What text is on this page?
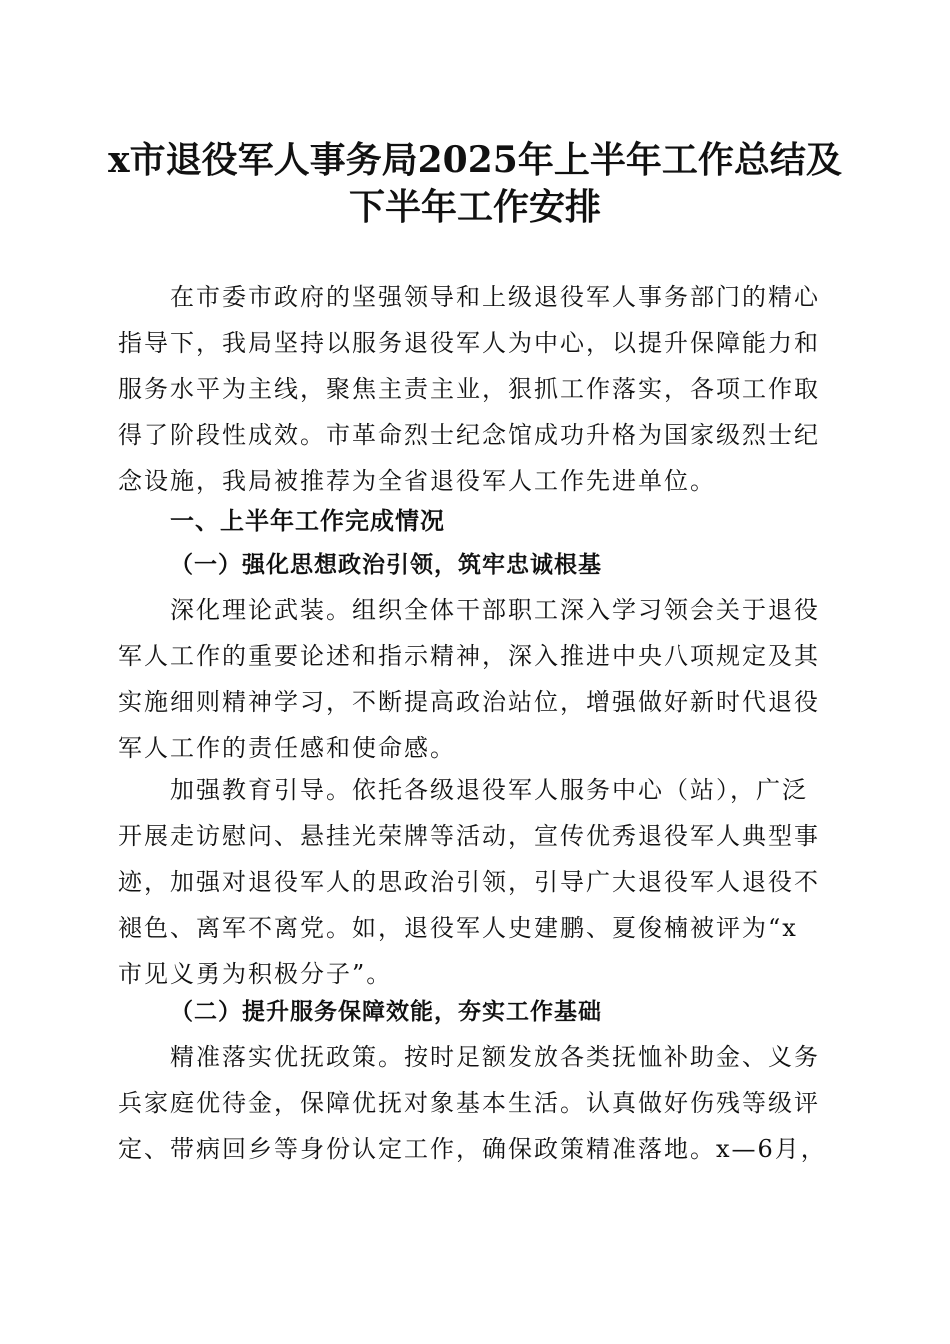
x市退役军人事务局2025年上半年工作总结及
下半年工作安排
在市委市政府的坚强领导和上级退役军人事务部门的精心
指导下，我局坚持以服务退役军人为中心，以提升保障能力和
服务水平为主线，聚焦主责主业，狠抓工作落实，各项工作取
得了阶段性成效。市革命烈士纪念馆成功升格为国家级烈士纪
念设施，我局被推荐为全省退役军人工作先进单位。
一、上半年工作完成情况
（一）强化思想政治引领，筑牢忠诚根基
深化理论武装。组织全体干部职工深入学习领会关于退役
军人工作的重要论述和指示精神，深入推进中央八项规定及其
实施细则精神学习，不断提高政治站位，增强做好新时代退役
军人工作的责任感和使命感。
加强教育引导。依托各级退役军人服务中心（站），广泛
开展走访慰问、悬挂光荣牌等活动，宣传优秀退役军人典型事
迹，加强对退役军人的思政治引领，引导广大退役军人退役不
褪色、离军不离党。如，退役军人史建鹏、夏俊楠被评为“x
市见义勇为积极分子”。
（二）提升服务保障效能，夯实工作基础
精准落实优抚政策。按时足额发放各类抚恤补助金、义务
兵家庭优待金，保障优抚对象基本生活。认真做好伤残等级评
定、带病回乡等身份认定工作，确保政策精准落地。x—6月，
